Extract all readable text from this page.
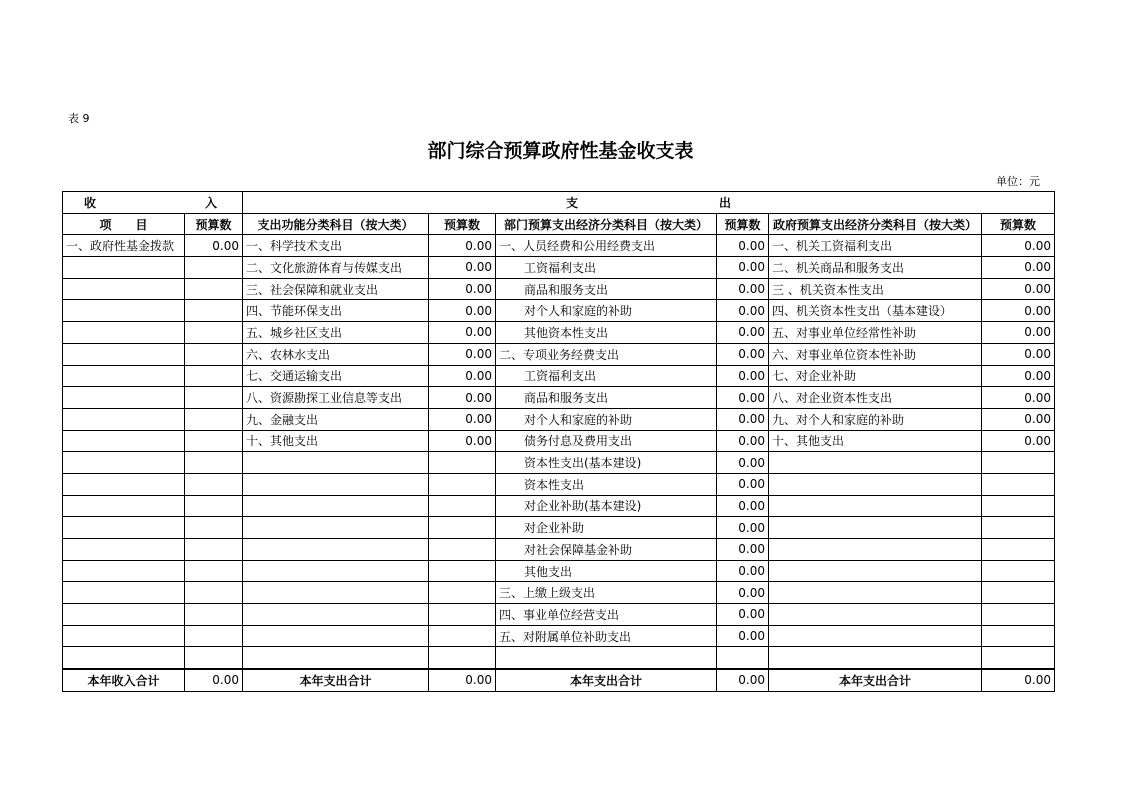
表 9
部门综合预算政府性基金收支表
单位：元
收 入		支 出					

项　　目	预算数	支出功能分类科目（按大类）	预算数	部门预算支出经济分类科目（按大类）	预算数	政府预算支出经济分类科目（按大类）	预算数
一、政府性基金拨款	0.00	一、科学技术支出	0.00	一、人员经费和公用经费支出	0.00	一、机关工资福利支出	0.00
		二、文化旅游体育与传媒支出	0.00	工资福利支出	0.00	二、机关商品和服务支出	0.00
		三、社会保障和就业支出	0.00	商品和服务支出	0.00	三 、机关资本性支出	0.00
		四、节能环保支出	0.00	对个人和家庭的补助	0.00	四、机关资本性支出（基本建设）	0.00
		五、城乡社区支出	0.00	其他资本性支出	0.00	五、对事业单位经常性补助	0.00
		六、农林水支出	0.00	二、专项业务经费支出	0.00	六、对事业单位资本性补助	0.00
		七、交通运输支出	0.00	工资福利支出	0.00	七、对企业补助	0.00
		八、资源勘探工业信息等支出	0.00	商品和服务支出	0.00	八、对企业资本性支出	0.00
		九、金融支出	0.00	对个人和家庭的补助	0.00	九、对个人和家庭的补助	0.00
		十、其他支出	0.00	债务付息及费用支出	0.00	十、其他支出	0.00
				资本性支出(基本建设)	0.00		
				资本性支出	0.00		
				对企业补助(基本建设)	0.00		
				对企业补助	0.00		
				对社会保障基金补助	0.00		
				其他支出	0.00		
				三、上缴上级支出	0.00		
				四、事业单位经营支出	0.00		
				五、对附属单位补助支出	0.00		

本年收入合计	0.00	本年支出合计	0.00	本年支出合计	0.00	本年支出合计	0.00
